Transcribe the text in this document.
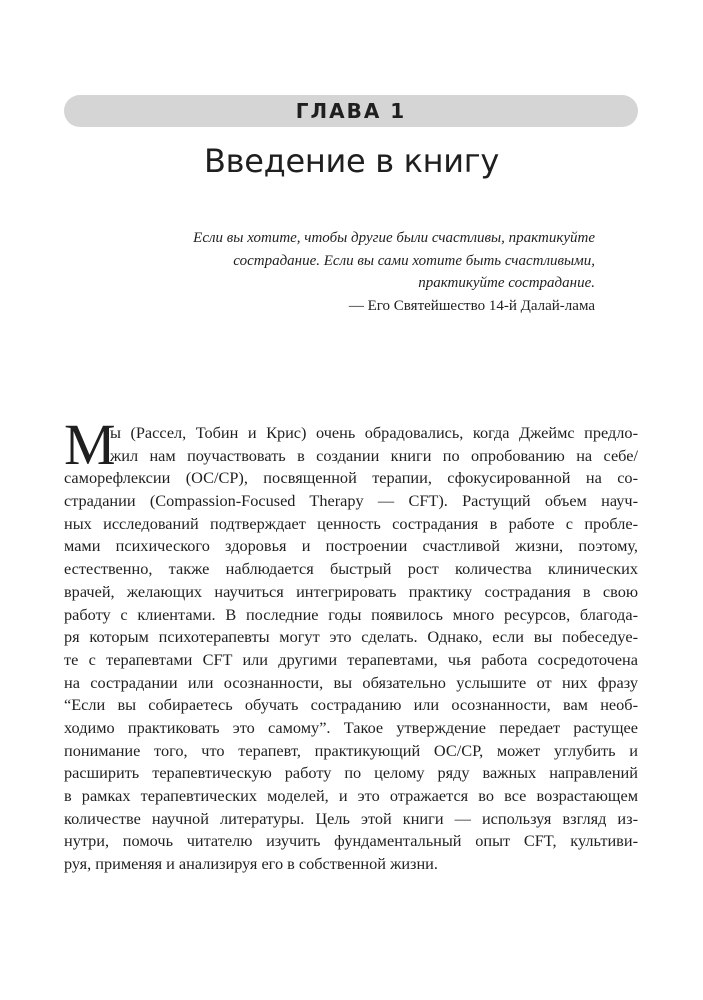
ГЛАВА 1
Введение в книгу
Если вы хотите, чтобы другие были счастливы, практикуйте
сострадание. Если вы сами хотите быть счастливыми,
практикуйте сострадание.
— Его Святейшество 14-й Далай-лама
М
ы (Рассел, Тобин и Крис) очень обрадовались, когда Джеймс предло-
жил нам поучаствовать в создании книги по опробованию на себе/
саморефлексии (ОС/СР), посвященной терапии, сфокусированной на со-
страдании (Compassion-Focused Therapy — CFT). Растущий объем науч-
ных исследований подтверждает ценность сострадания в работе с пробле-
мами психического здоровья и построении счастливой жизни, поэтому,
естественно, также наблюдается быстрый рост количества клинических
врачей, желающих научиться интегрировать практику сострадания в свою
работу с клиентами. В последние годы появилось много ресурсов, благода-
ря которым психотерапевты могут это сделать. Однако, если вы побеседуе-
те с терапевтами CFT или другими терапевтами, чья работа сосредоточена
на сострадании или осознанности, вы обязательно услышите от них фразу
“Если вы собираетесь обучать состраданию или осознанности, вам необ-
ходимо практиковать это самому”. Такое утверждение передает растущее
понимание того, что терапевт, практикующий ОС/СР, может углубить и
расширить терапевтическую работу по целому ряду важных направлений
в рамках терапевтических моделей, и это отражается во все возрастающем
количестве научной литературы. Цель этой книги — используя взгляд из-
нутри, помочь читателю изучить фундаментальный опыт CFT, культиви-
руя, применяя и анализируя его в собственной жизни.
